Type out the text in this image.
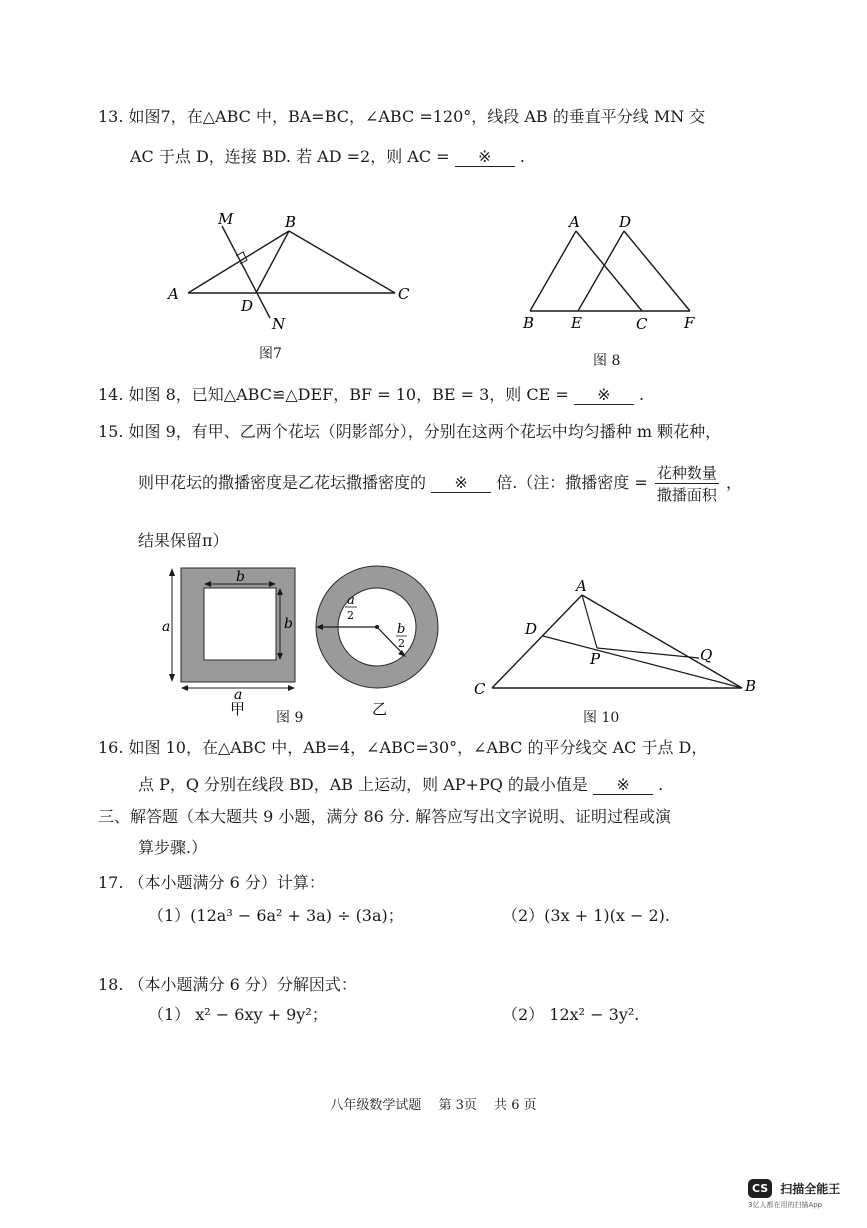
13. 如图7，在△ABC 中，BA=BC，∠ABC =120°，线段 AB 的垂直平分线 MN 交
AC 于点 D，连接 BD. 若 AD =2，则 AC = ※ .
M	B
A
D
N
C
图7
A	D
B E	C F
图 8
14. 如图 8，已知△ABC≌△DEF，BF = 10，BE = 3，则 CE = ※ .
15. 如图 9，有甲、乙两个花坛（阴影部分），分别在这两个花坛中均匀播种 m 颗花种，
则甲花坛的撒播密度是乙花坛撒播密度的 ※ 倍.（注：撒播密度 = $\frac{\text{花种数量}}{\text{撒播面积}}$ ，
结果保留π）
a
b
b
a
甲
a
2
b
2
乙
图 9
A
D
P	Q
C	B
图 10
16. 如图 10，在△ABC 中，AB=4，∠ABC=30°，∠ABC 的平分线交 AC 于点 D，
点 P，Q 分别在线段 BD，AB 上运动，则 AP+PQ 的最小值是 ※ .
三、解答题（本大题共 9 小题，满分 86 分. 解答应写出文字说明、证明过程或演
算步骤.）
17. （本小题满分 6 分）计算：
（1）(12a³ − 6a² + 3a) ÷ (3a)；	（2）(3x + 1)(x − 2).
18. （本小题满分 6 分）分解因式：
（1） x² − 6xy + 9y²；	（2） 12x² − 3y².
八年级数学试题　 第 3页　 共 6 页
CS 扫描全能王
3亿人都在用的扫描App
